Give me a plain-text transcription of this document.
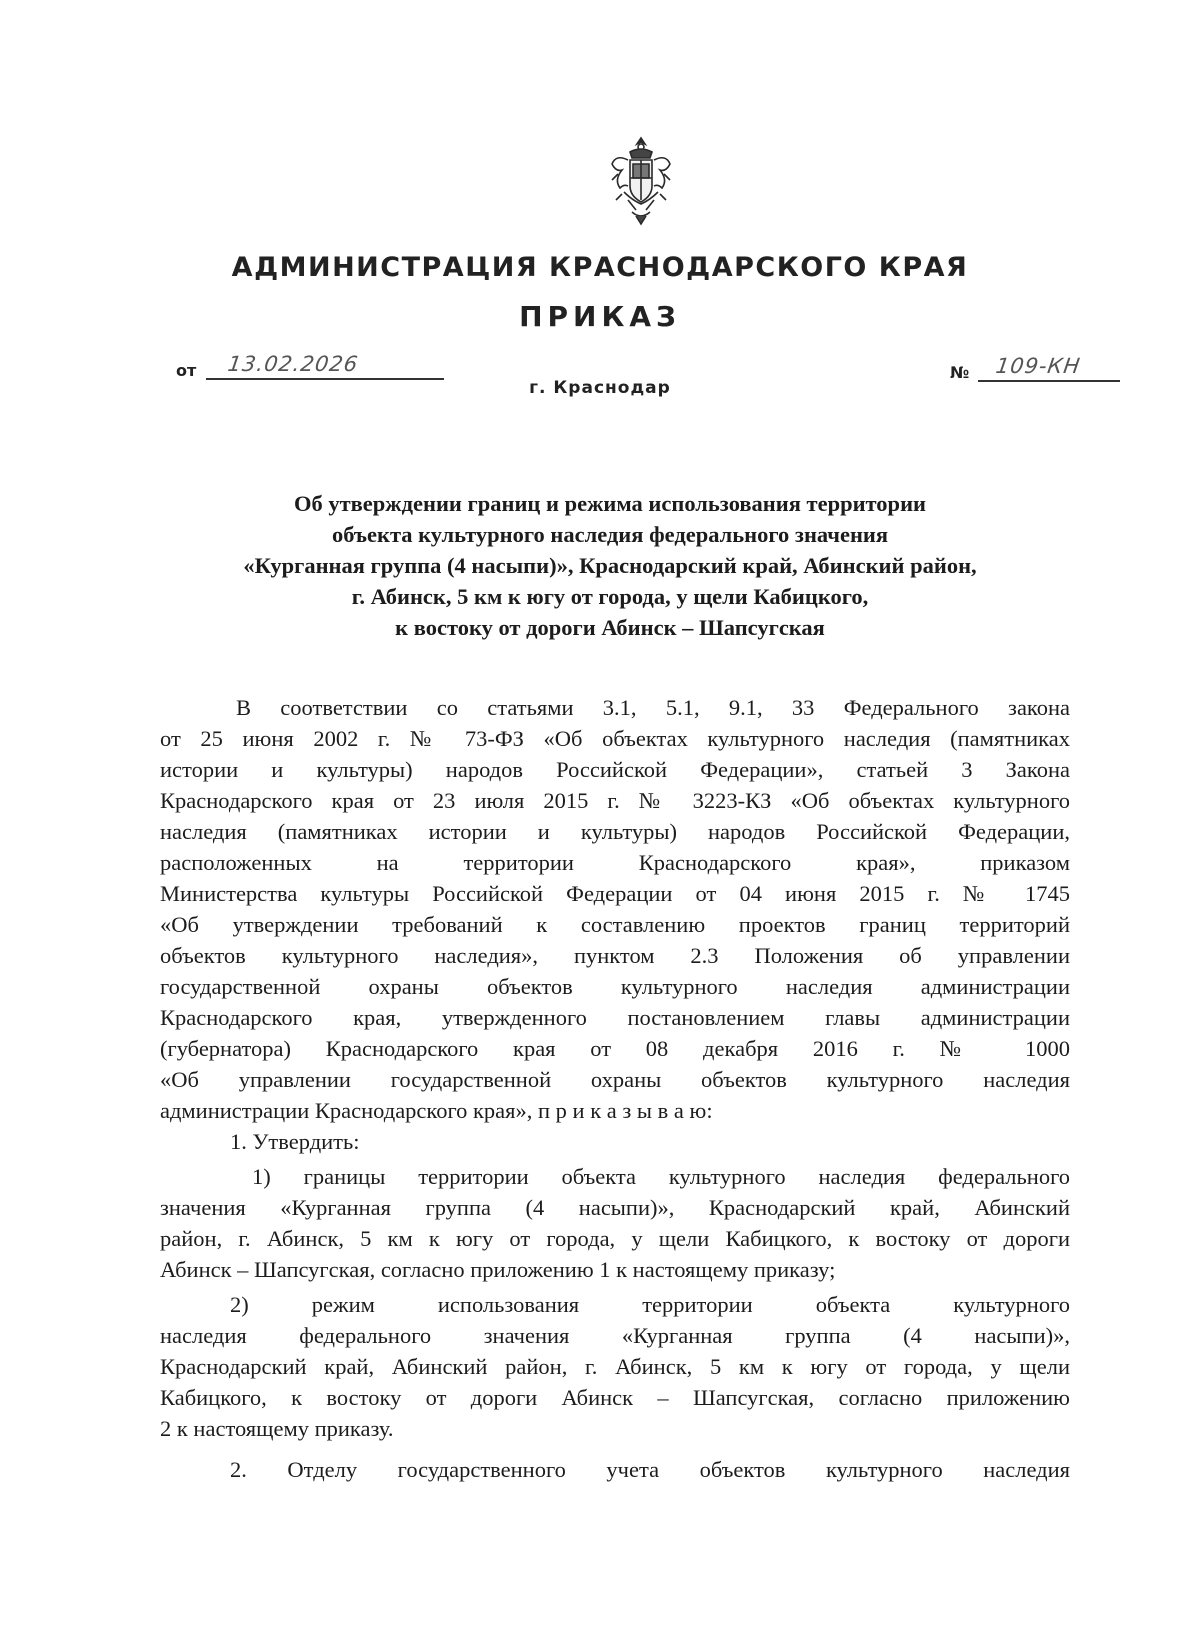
АДМИНИСТРАЦИЯ КРАСНОДАРСКОГО КРАЯ
ПРИКАЗ
от 13.02.2026	№ 109-КН
г. Краснодар
Об утверждении границ и режима использования территории
объекта культурного наследия федерального значения
«Курганная группа (4 насыпи)», Краснодарский край, Абинский район,
г. Абинск, 5 км к югу от города, у щели Кабицкого,
к востоку от дороги Абинск – Шапсугская
В соответствии со статьями 3.1, 5.1, 9.1, 33 Федерального закона
от 25 июня 2002 г. № 73-ФЗ «Об объектах культурного наследия (памятниках
истории и культуры) народов Российской Федерации», статьей 3 Закона
Краснодарского края от 23 июля 2015 г. № 3223-КЗ «Об объектах культурного
наследия (памятниках истории и культуры) народов Российской Федерации,
расположенных на территории Краснодарского края», приказом
Министерства культуры Российской Федерации от 04 июня 2015 г. № 1745
«Об утверждении требований к составлению проектов границ территорий
объектов культурного наследия», пунктом 2.3 Положения об управлении
государственной охраны объектов культурного наследия администрации
Краснодарского края, утвержденного постановлением главы администрации
(губернатора) Краснодарского края от 08 декабря 2016 г. № 1000
«Об управлении государственной охраны объектов культурного наследия
администрации Краснодарского края», п р и к а з ы в а ю:
1. Утвердить:
1) границы территории объекта культурного наследия федерального
значения «Курганная группа (4 насыпи)», Краснодарский край, Абинский
район, г. Абинск, 5 км к югу от города, у щели Кабицкого, к востоку от дороги
Абинск – Шапсугская, согласно приложению 1 к настоящему приказу;
2) режим использования территории объекта культурного
наследия федерального значения «Курганная группа (4 насыпи)»,
Краснодарский край, Абинский район, г. Абинск, 5 км к югу от города, у щели
Кабицкого, к востоку от дороги Абинск – Шапсугская, согласно приложению
2 к настоящему приказу.
2. Отделу государственного учета объектов культурного наследия
